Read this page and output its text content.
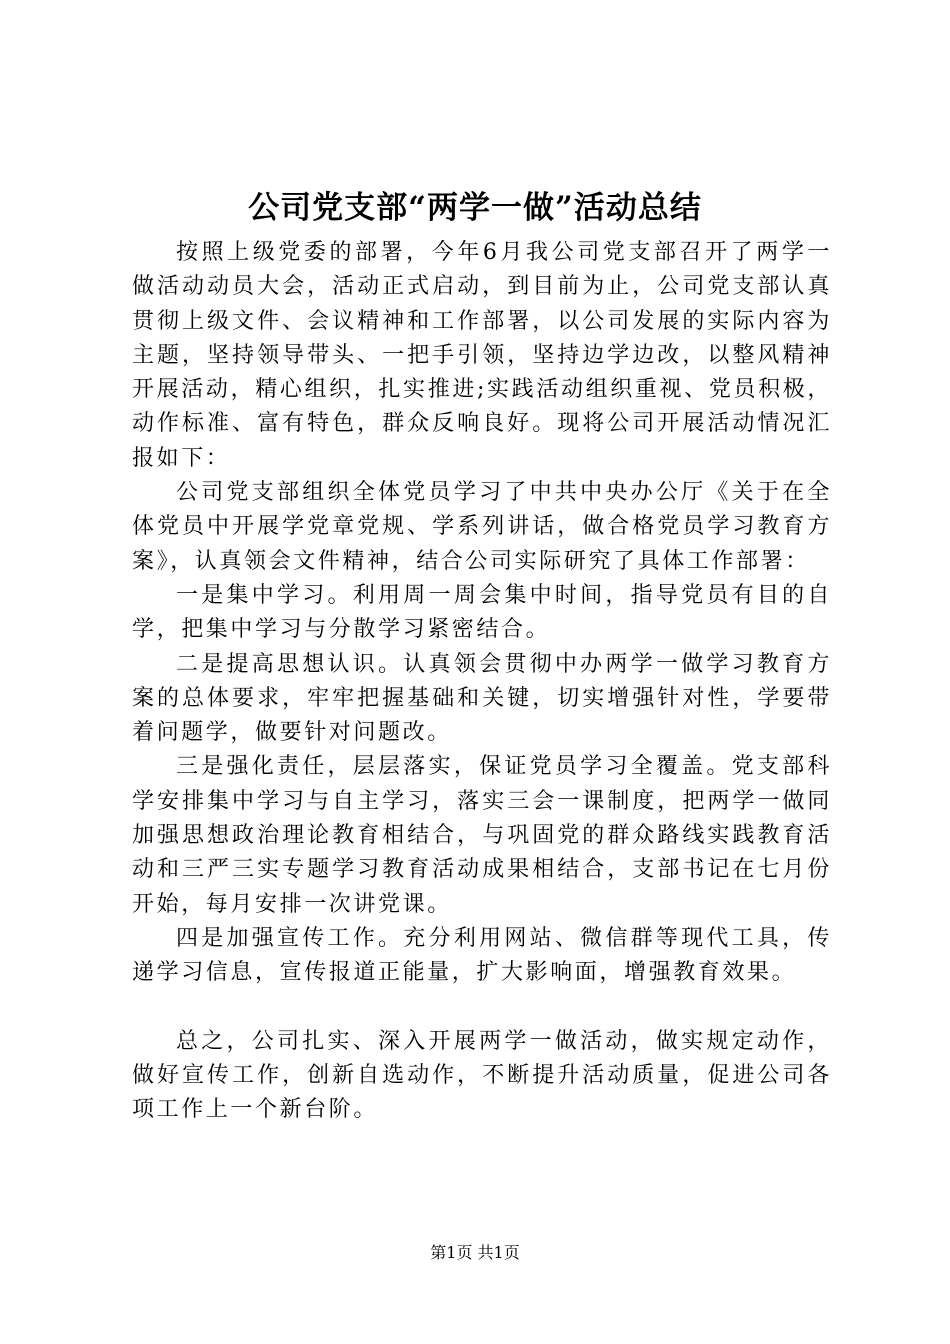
公司党支部“两学一做”活动总结

按照上级党委的部署，今年6月我公司党支部召开了两学一做活动动员大会，活动正式启动，到目前为止，公司党支部认真贯彻上级文件、会议精神和工作部署，以公司发展的实际内容为主题，坚持领导带头、一把手引领，坚持边学边改，以整风精神开展活动，精心组织，扎实推进;实践活动组织重视、党员积极，动作标准、富有特色，群众反响良好。现将公司开展活动情况汇报如下：

公司党支部组织全体党员学习了中共中央办公厅《关于在全体党员中开展学党章党规、学系列讲话，做合格党员学习教育方案》，认真领会文件精神，结合公司实际研究了具体工作部署：

一是集中学习。利用周一周会集中时间，指导党员有目的自学，把集中学习与分散学习紧密结合。

二是提高思想认识。认真领会贯彻中办两学一做学习教育方案的总体要求，牢牢把握基础和关键，切实增强针对性，学要带着问题学，做要针对问题改。

三是强化责任，层层落实，保证党员学习全覆盖。党支部科学安排集中学习与自主学习，落实三会一课制度，把两学一做同加强思想政治理论教育相结合，与巩固党的群众路线实践教育活动和三严三实专题学习教育活动成果相结合，支部书记在七月份开始，每月安排一次讲党课。

四是加强宣传工作。充分利用网站、微信群等现代工具，传递学习信息，宣传报道正能量，扩大影响面，增强教育效果。

总之，公司扎实、深入开展两学一做活动，做实规定动作，做好宣传工作，创新自选动作，不断提升活动质量，促进公司各项工作上一个新台阶。

第1页 共1页
